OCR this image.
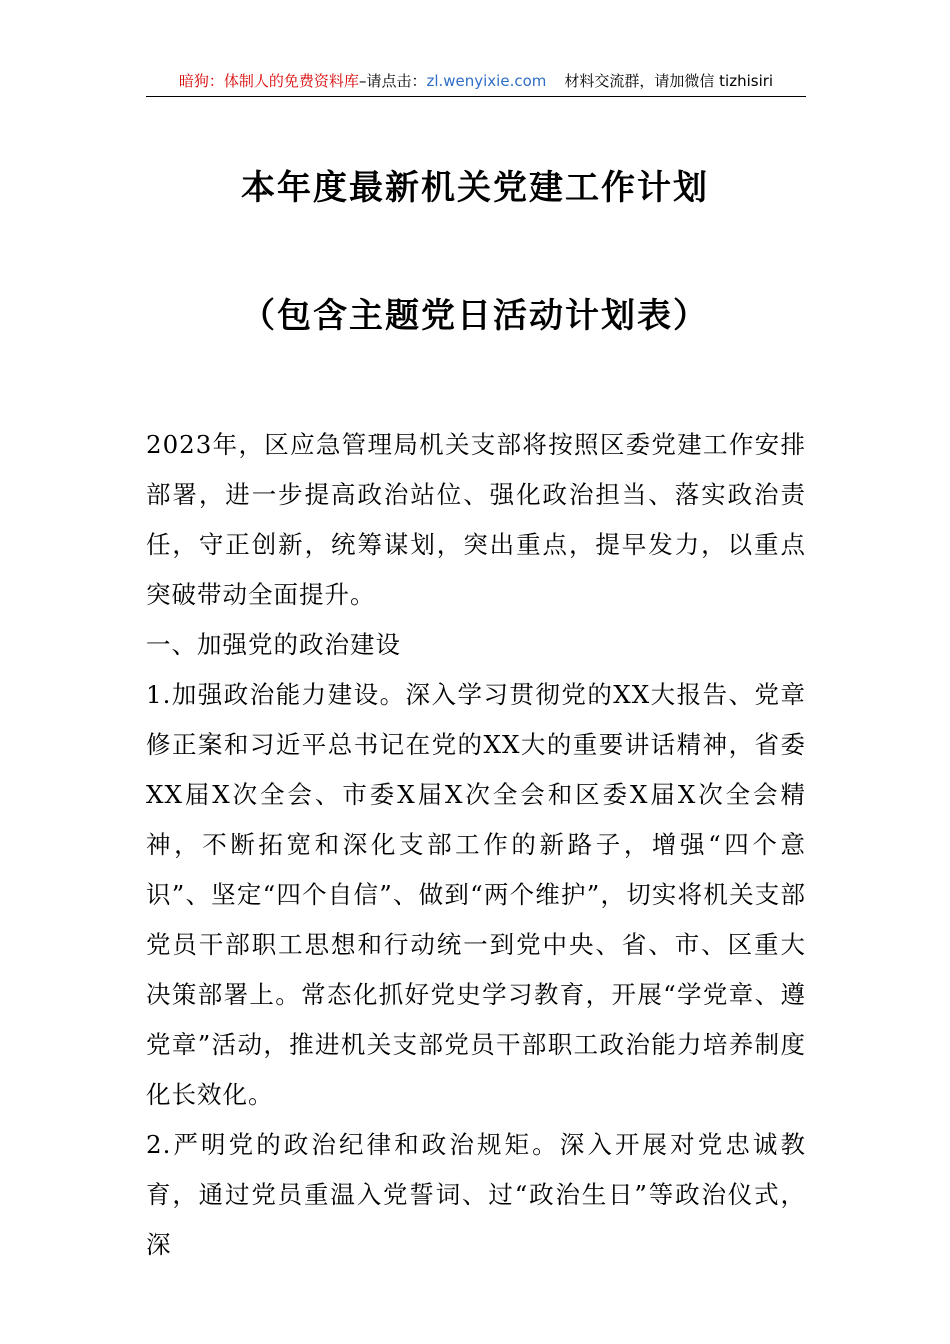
暗狗：体制人的免费资料库–请点击：zl.wenyixie.com 材料交流群，请加微信 tizhisiri
本年度最新机关党建工作计划
（包含主题党日活动计划表）

2023年，区应急管理局机关支部将按照区委党建工作安排部署，进一步提高政治站位、强化政治担当、落实政治责任，守正创新，统筹谋划，突出重点，提早发力，以重点突破带动全面提升。

一、加强党的政治建设

1.加强政治能力建设。深入学习贯彻党的XX大报告、党章修正案和习近平总书记在党的XX大的重要讲话精神，省委XX届X次全会、市委X届X次全会和区委X届X次全会精神，不断拓宽和深化支部工作的新路子，增强“四个意识”、坚定“四个自信”、做到“两个维护”，切实将机关支部党员干部职工思想和行动统一到党中央、省、市、区重大决策部署上。常态化抓好党史学习教育，开展“学党章、遵党章”活动，推进机关支部党员干部职工政治能力培养制度化长效化。

2.严明党的政治纪律和政治规矩。深入开展对党忠诚教育，通过党员重温入党誓词、过“政治生日”等政治仪式，深
